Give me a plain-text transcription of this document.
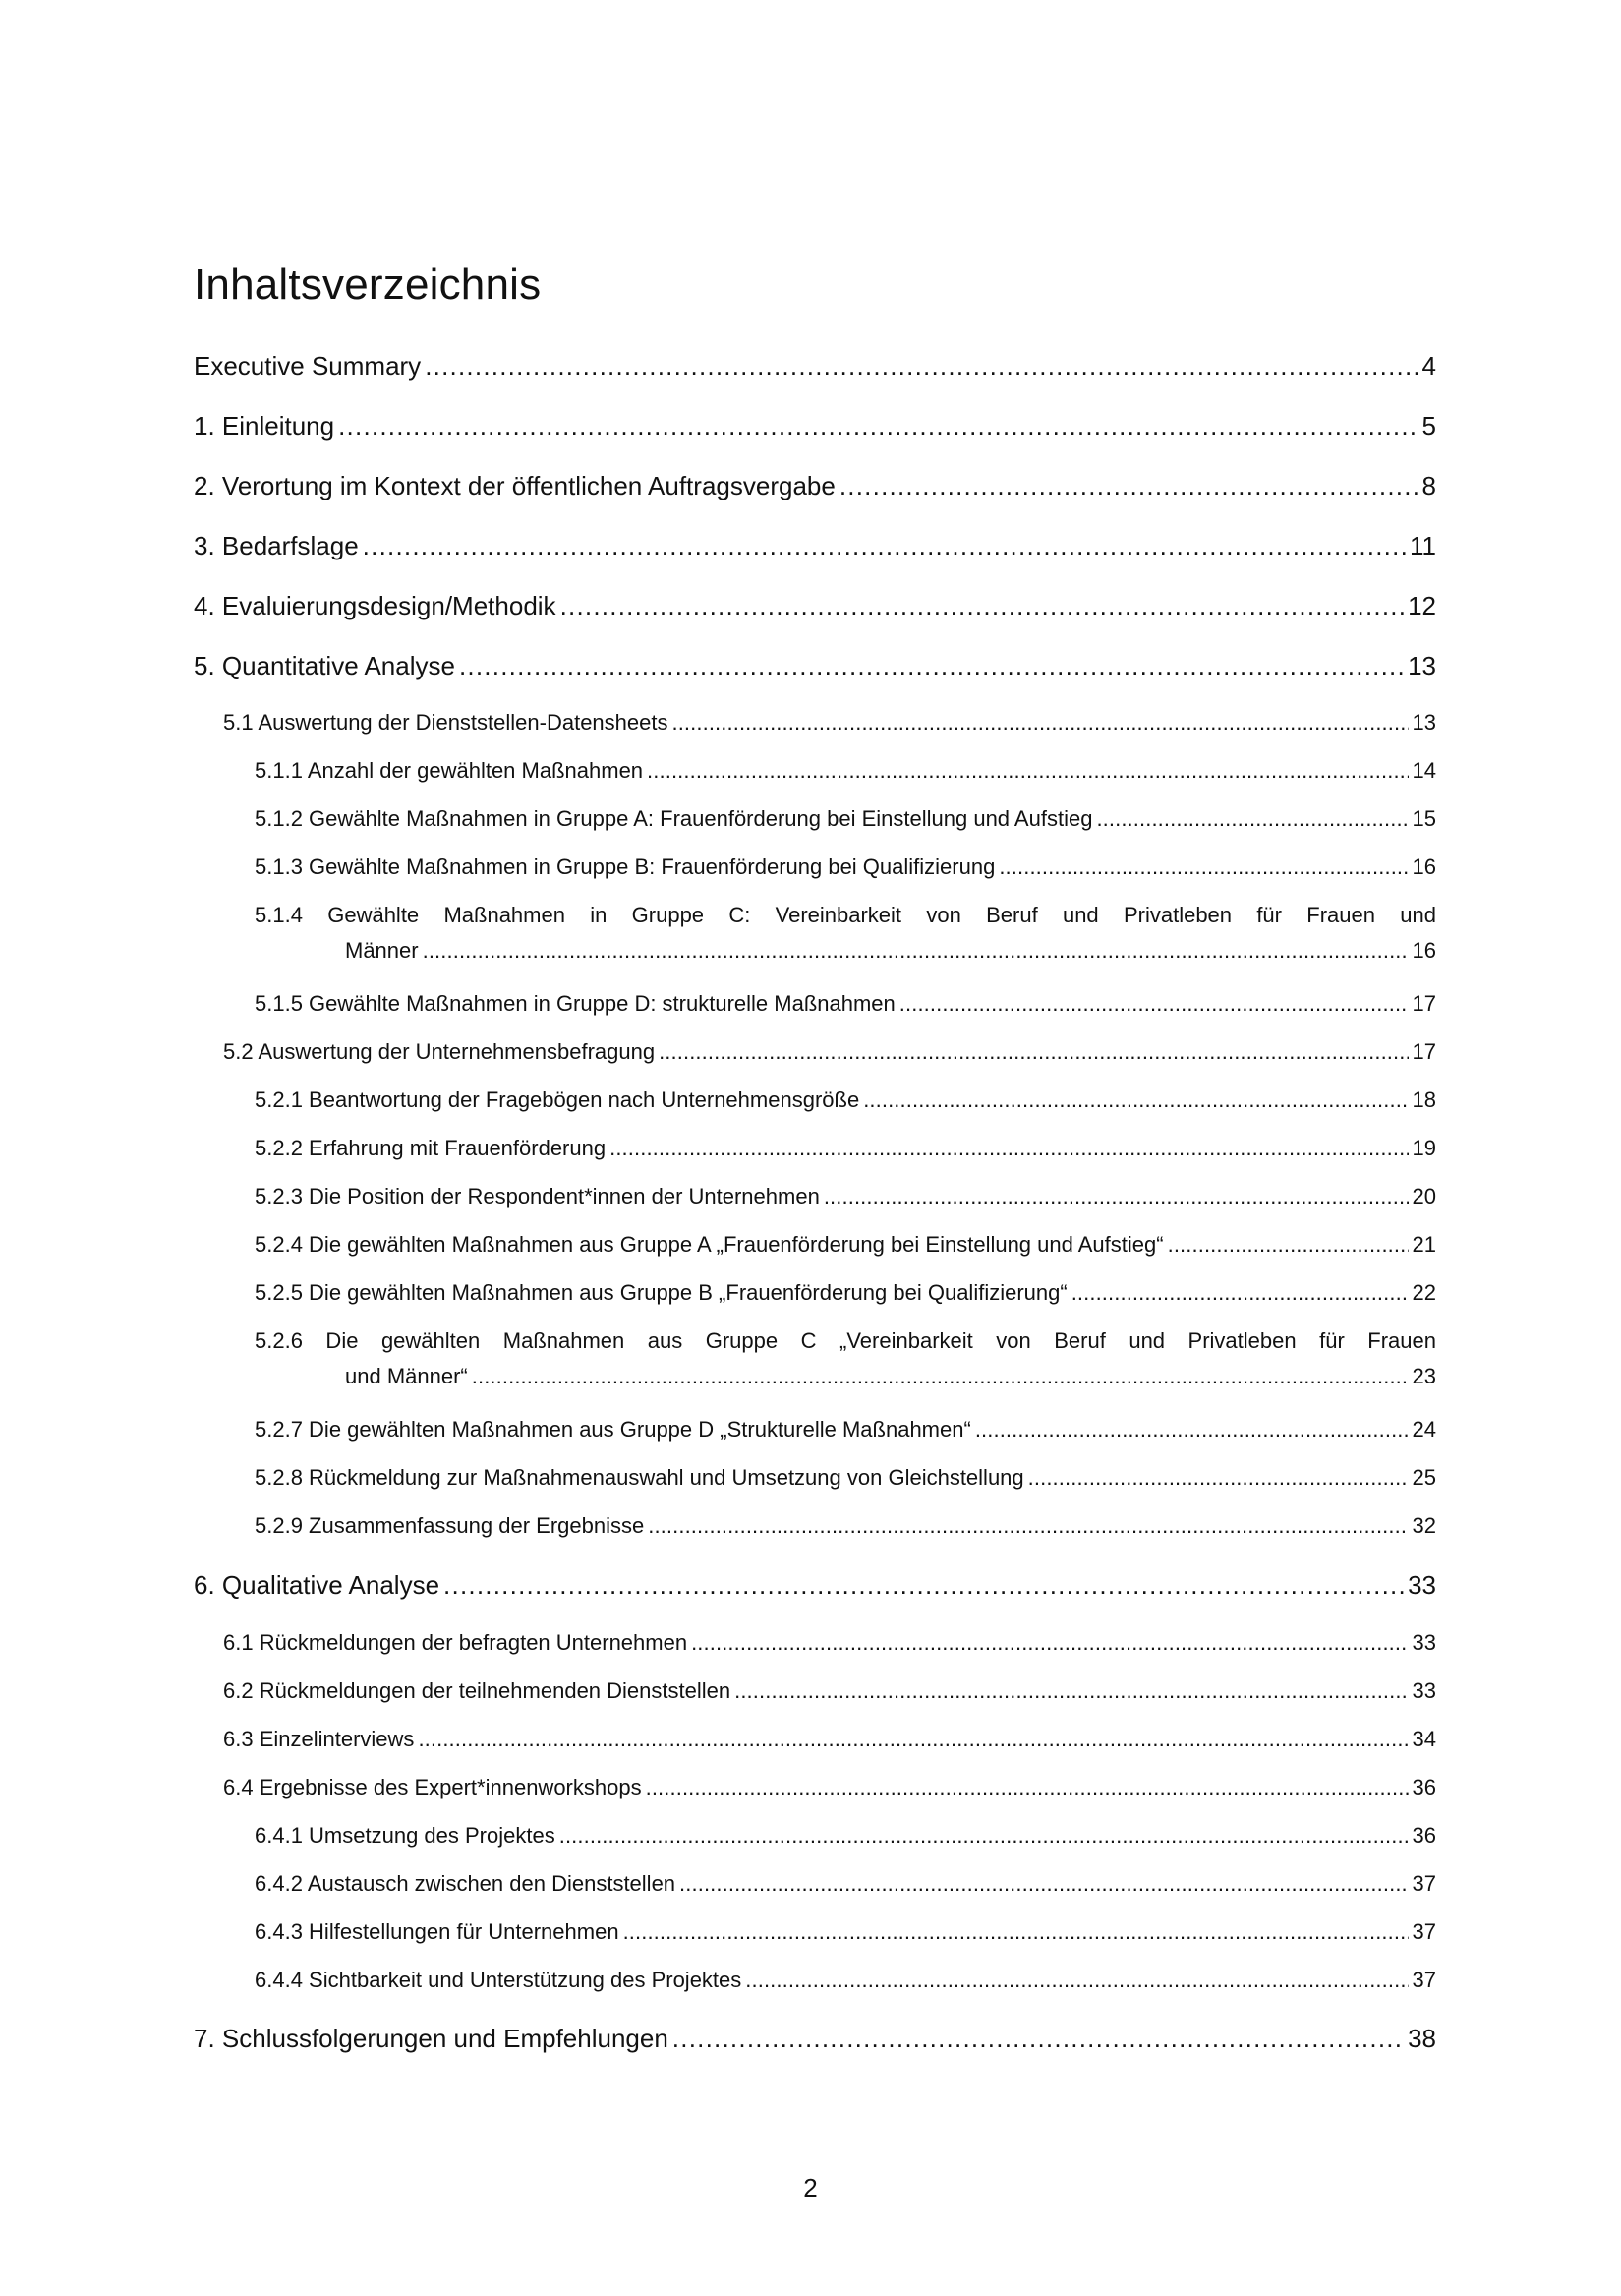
Inhaltsverzeichnis
Executive Summary . . .	4
1. Einleitung . . .	5
2. Verortung im Kontext der öffentlichen Auftragsvergabe . . .	8
3. Bedarfslage . . .	11
4. Evaluierungsdesign/Methodik . . .	12
5. Quantitative Analyse . . .	13
5.1 Auswertung der Dienststellen-Datensheets . . .	13
5.1.1 Anzahl der gewählten Maßnahmen . . .	14
5.1.2 Gewählte Maßnahmen in Gruppe A: Frauenförderung bei Einstellung und Aufstieg . . .	15
5.1.3 Gewählte Maßnahmen in Gruppe B: Frauenförderung bei Qualifizierung . . .	16
5.1.4 Gewählte Maßnahmen in Gruppe C: Vereinbarkeit von Beruf und Privatleben für Frauen und
Männer . . .	16
5.1.5 Gewählte Maßnahmen in Gruppe D: strukturelle Maßnahmen . . .	17
5.2 Auswertung der Unternehmensbefragung . . .	17
5.2.1 Beantwortung der Fragebögen nach Unternehmensgröße . . .	18
5.2.2 Erfahrung mit Frauenförderung . . .	19
5.2.3 Die Position der Respondent*innen der Unternehmen . . .	20
5.2.4 Die gewählten Maßnahmen aus Gruppe A „Frauenförderung bei Einstellung und Aufstieg“ . . .	21
5.2.5 Die gewählten Maßnahmen aus Gruppe B „Frauenförderung bei Qualifizierung“ . . .	22
5.2.6 Die gewählten Maßnahmen aus Gruppe C „Vereinbarkeit von Beruf und Privatleben für Frauen
und Männer“ . . .	23
5.2.7 Die gewählten Maßnahmen aus Gruppe D „Strukturelle Maßnahmen“ . . .	24
5.2.8 Rückmeldung zur Maßnahmenauswahl und Umsetzung von Gleichstellung . . .	25
5.2.9 Zusammenfassung der Ergebnisse . . .	32
6. Qualitative Analyse . . .	33
6.1 Rückmeldungen der befragten Unternehmen . . .	33
6.2 Rückmeldungen der teilnehmenden Dienststellen . . .	33
6.3 Einzelinterviews . . .	34
6.4 Ergebnisse des Expert*innenworkshops . . .	36
6.4.1 Umsetzung des Projektes . . .	36
6.4.2 Austausch zwischen den Dienststellen . . .	37
6.4.3 Hilfestellungen für Unternehmen . . .	37
6.4.4 Sichtbarkeit und Unterstützung des Projektes . . .	37
7. Schlussfolgerungen und Empfehlungen . . .	38
2
